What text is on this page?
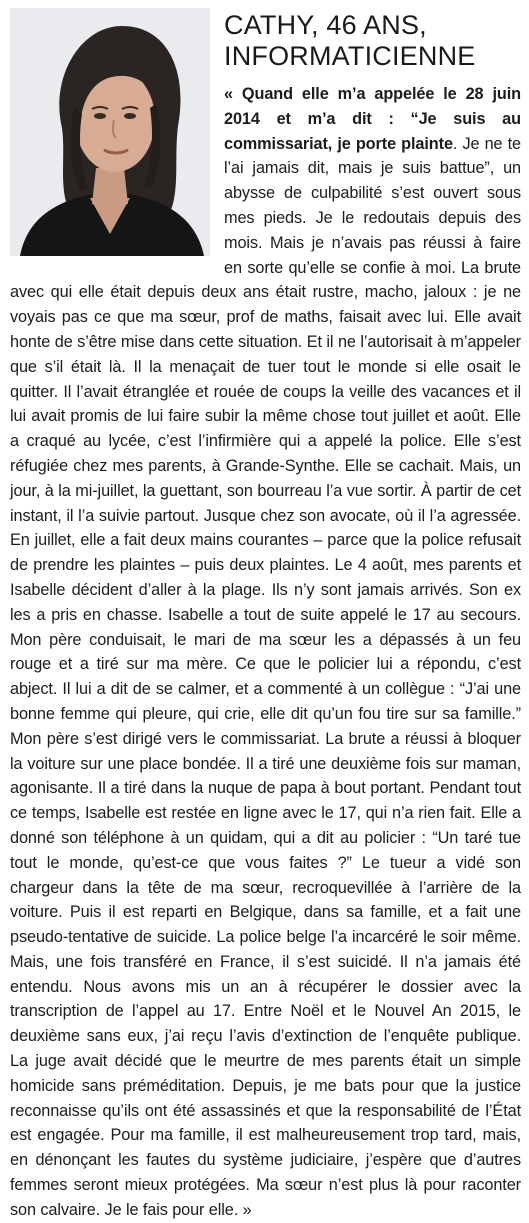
CATHY, 46 ANS,
INFORMATICIENNE

« Quand elle m’a appelée le 28 juin 2014 et m’a dit : “Je suis au commissariat, je porte plainte. Je ne te l’ai jamais dit, mais je suis battue”, un abysse de culpabilité s’est ouvert sous mes pieds. Je le redoutais depuis des mois. Mais je n’avais pas réussi à faire en sorte qu’elle se confie à moi. La brute avec qui elle était depuis deux ans était rustre, macho, jaloux : je ne voyais pas ce que ma sœur, prof de maths, faisait avec lui. Elle avait honte de s’être mise dans cette situation. Et il ne l’autorisait à m’appeler que s’il était là. Il la menaçait de tuer tout le monde si elle osait le quitter. Il l’avait étranglée et rouée de coups la veille des vacances et il lui avait promis de lui faire subir la même chose tout juillet et août. Elle a craqué au lycée, c’est l’infirmière qui a appelé la police. Elle s’est réfugiée chez mes parents, à Grande-Synthe. Elle se cachait. Mais, un jour, à la mi-juillet, la guettant, son bourreau l’a vue sortir. À partir de cet instant, il l’a suivie partout. Jusque chez son avocate, où il l’a agressée. En juillet, elle a fait deux mains courantes – parce que la police refusait de prendre les plaintes – puis deux plaintes. Le 4 août, mes parents et Isabelle décident d’aller à la plage. Ils n’y sont jamais arrivés. Son ex les a pris en chasse. Isabelle a tout de suite appelé le 17 au secours. Mon père conduisait, le mari de ma sœur les a dépassés à un feu rouge et a tiré sur ma mère. Ce que le policier lui a répondu, c’est abject. Il lui a dit de se calmer, et a commenté à un collègue : “J’ai une bonne femme qui pleure, qui crie, elle dit qu’un fou tire sur sa famille.” Mon père s’est dirigé vers le commissariat. La brute a réussi à bloquer la voiture sur une place bondée. Il a tiré une deuxième fois sur maman, agonisante. Il a tiré dans la nuque de papa à bout portant. Pendant tout ce temps, Isabelle est restée en ligne avec le 17, qui n’a rien fait. Elle a donné son téléphone à un quidam, qui a dit au policier : “Un taré tue tout le monde, qu’est-ce que vous faites ?” Le tueur a vidé son chargeur dans la tête de ma sœur, recroquevillée à l’arrière de la voiture. Puis il est reparti en Belgique, dans sa famille, et a fait une pseudo-tentative de suicide. La police belge l’a incarcéré le soir même. Mais, une fois transféré en France, il s’est suicidé. Il n’a jamais été entendu. Nous avons mis un an à récupérer le dossier avec la transcription de l’appel au 17. Entre Noël et le Nouvel An 2015, le deuxième sans eux, j’ai reçu l’avis d’extinction de l’enquête publique. La juge avait décidé que le meurtre de mes parents était un simple homicide sans préméditation. Depuis, je me bats pour que la justice reconnaisse qu’ils ont été assassinés et que la responsabilité de l’État est engagée. Pour ma famille, il est malheureusement trop tard, mais, en dénonçant les fautes du système judiciaire, j’espère que d’autres femmes seront mieux protégées. Ma sœur n’est plus là pour raconter son calvaire. Je le fais pour elle. »
